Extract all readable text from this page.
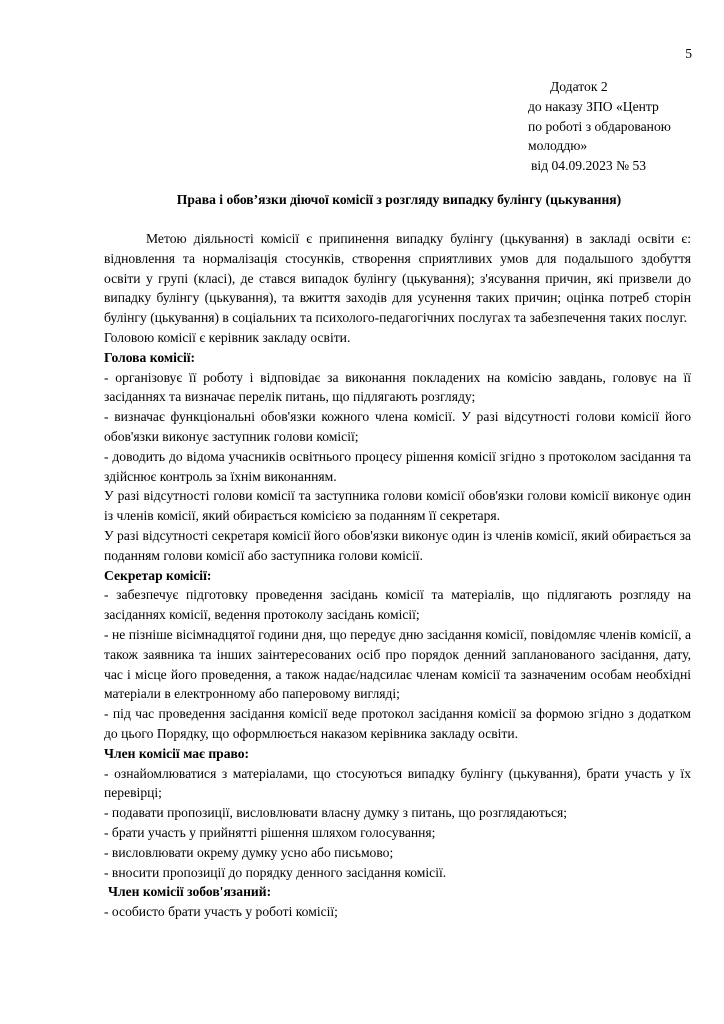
5
Додаток 2
до наказу ЗПО «Центр
по роботі з обдарованою
молоддю»
від 04.09.2023 № 53
Права і обов’язки діючої комісії з розгляду випадку булінгу (цькування)

Метою діяльності комісії є припинення випадку булінгу (цькування) в закладі освіти є: відновлення та нормалізація стосунків, створення сприятливих умов для подальшого здобуття освіти у групі (класі), де стався випадок булінгу (цькування); з'ясування причин, які призвели до випадку булінгу (цькування), та вжиття заходів для усунення таких причин; оцінка потреб сторін булінгу (цькування) в соціальних та психолого-педагогічних послугах та забезпечення таких послуг.

Головою комісії є керівник закладу освіти.

Голова комісії:

- організовує її роботу і відповідає за виконання покладених на комісію завдань, головує на її засіданнях та визначає перелік питань, що підлягають розгляду;

- визначає функціональні обов'язки кожного члена комісії. У разі відсутності голови комісії його обов'язки виконує заступник голови комісії;

- доводить до відома учасників освітнього процесу рішення комісії згідно з протоколом засідання та здійснює контроль за їхнім виконанням.

У разі відсутності голови комісії та заступника голови комісії обов'язки голови комісії виконує один із членів комісії, який обирається комісією за поданням її секретаря.

У разі відсутності секретаря комісії його обов'язки виконує один із членів комісії, який обирається за поданням голови комісії або заступника голови комісії.

Секретар комісії:

- забезпечує підготовку проведення засідань комісії та матеріалів, що підлягають розгляду на засіданнях комісії, ведення протоколу засідань комісії;

- не пізніше вісімнадцятої години дня, що передує дню засідання комісії, повідомляє членів комісії, а також заявника та інших заінтересованих осіб про порядок денний запланованого засідання, дату, час і місце його проведення, а також надає/надсилає членам комісії та зазначеним особам необхідні матеріали в електронному або паперовому вигляді;

- під час проведення засідання комісії веде протокол засідання комісії за формою згідно з додатком до цього Порядку, що оформлюється наказом керівника закладу освіти.

Член комісії має право:

- ознайомлюватися з матеріалами, що стосуються випадку булінгу (цькування), брати участь у їх перевірці;

- подавати пропозиції, висловлювати власну думку з питань, що розглядаються;

- брати участь у прийнятті рішення шляхом голосування;

- висловлювати окрему думку усно або письмово;

- вносити пропозиції до порядку денного засідання комісії.

Член комісії зобов'язаний:

- особисто брати участь у роботі комісії;
